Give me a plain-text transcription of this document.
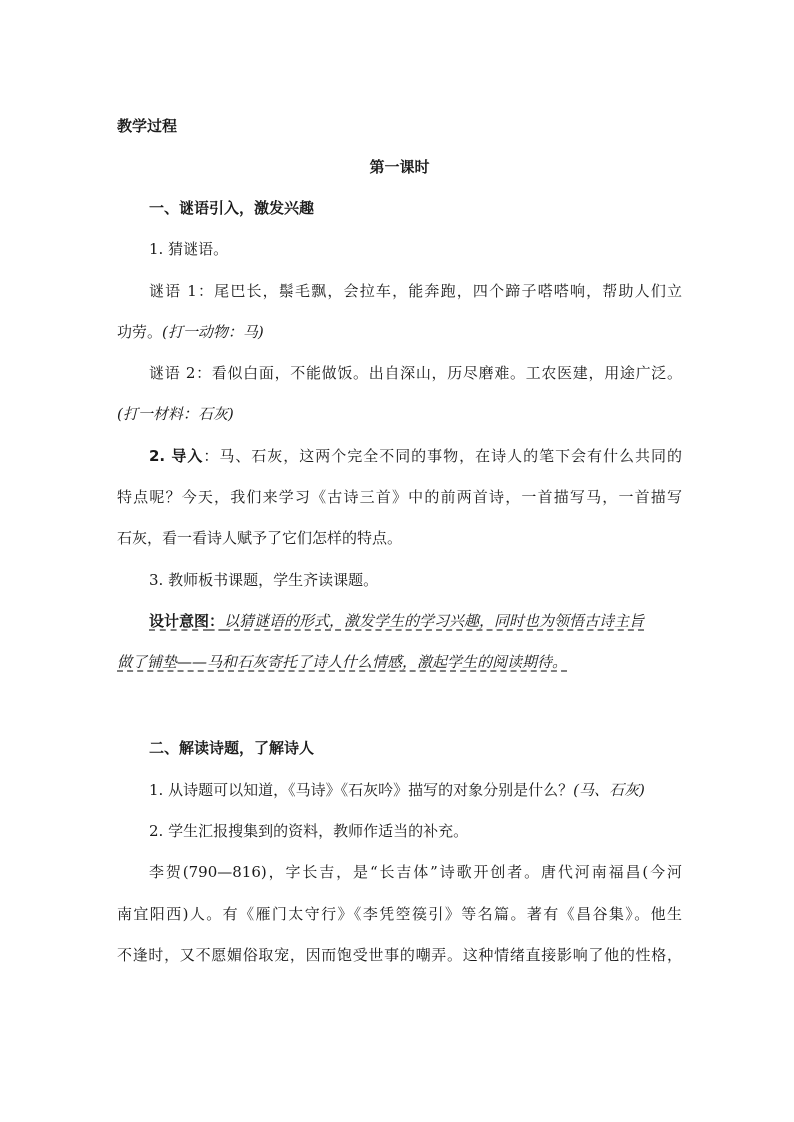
教学过程
第一课时
一、谜语引入，激发兴趣
1. 猜谜语。
谜语 1：尾巴长，鬃毛飘，会拉车，能奔跑，四个蹄子嗒嗒响，帮助人们立
功劳。(打一动物：马)
谜语 2：看似白面，不能做饭。出自深山，历尽磨难。工农医建，用途广泛。
(打一材料：石灰)
2. 导入：马、石灰，这两个完全不同的事物，在诗人的笔下会有什么共同的
特点呢？今天，我们来学习《古诗三首》中的前两首诗，一首描写马，一首描写
石灰，看一看诗人赋予了它们怎样的特点。
3. 教师板书课题，学生齐读课题。
设计意图：以猜谜语的形式，激发学生的学习兴趣，同时也为领悟古诗主旨
做了铺垫——马和石灰寄托了诗人什么情感，激起学生的阅读期待。
二、解读诗题，了解诗人
1. 从诗题可以知道，《马诗》《石灰吟》描写的对象分别是什么？(马、石灰)
2. 学生汇报搜集到的资料，教师作适当的补充。
李贺(790—816)，字长吉，是“长吉体”诗歌开创者。唐代河南福昌(今河
南宜阳西)人。有《雁门太守行》《李凭箜篌引》等名篇。著有《昌谷集》。他生
不逢时，又不愿媚俗取宠，因而饱受世事的嘲弄。这种情绪直接影响了他的性格，
